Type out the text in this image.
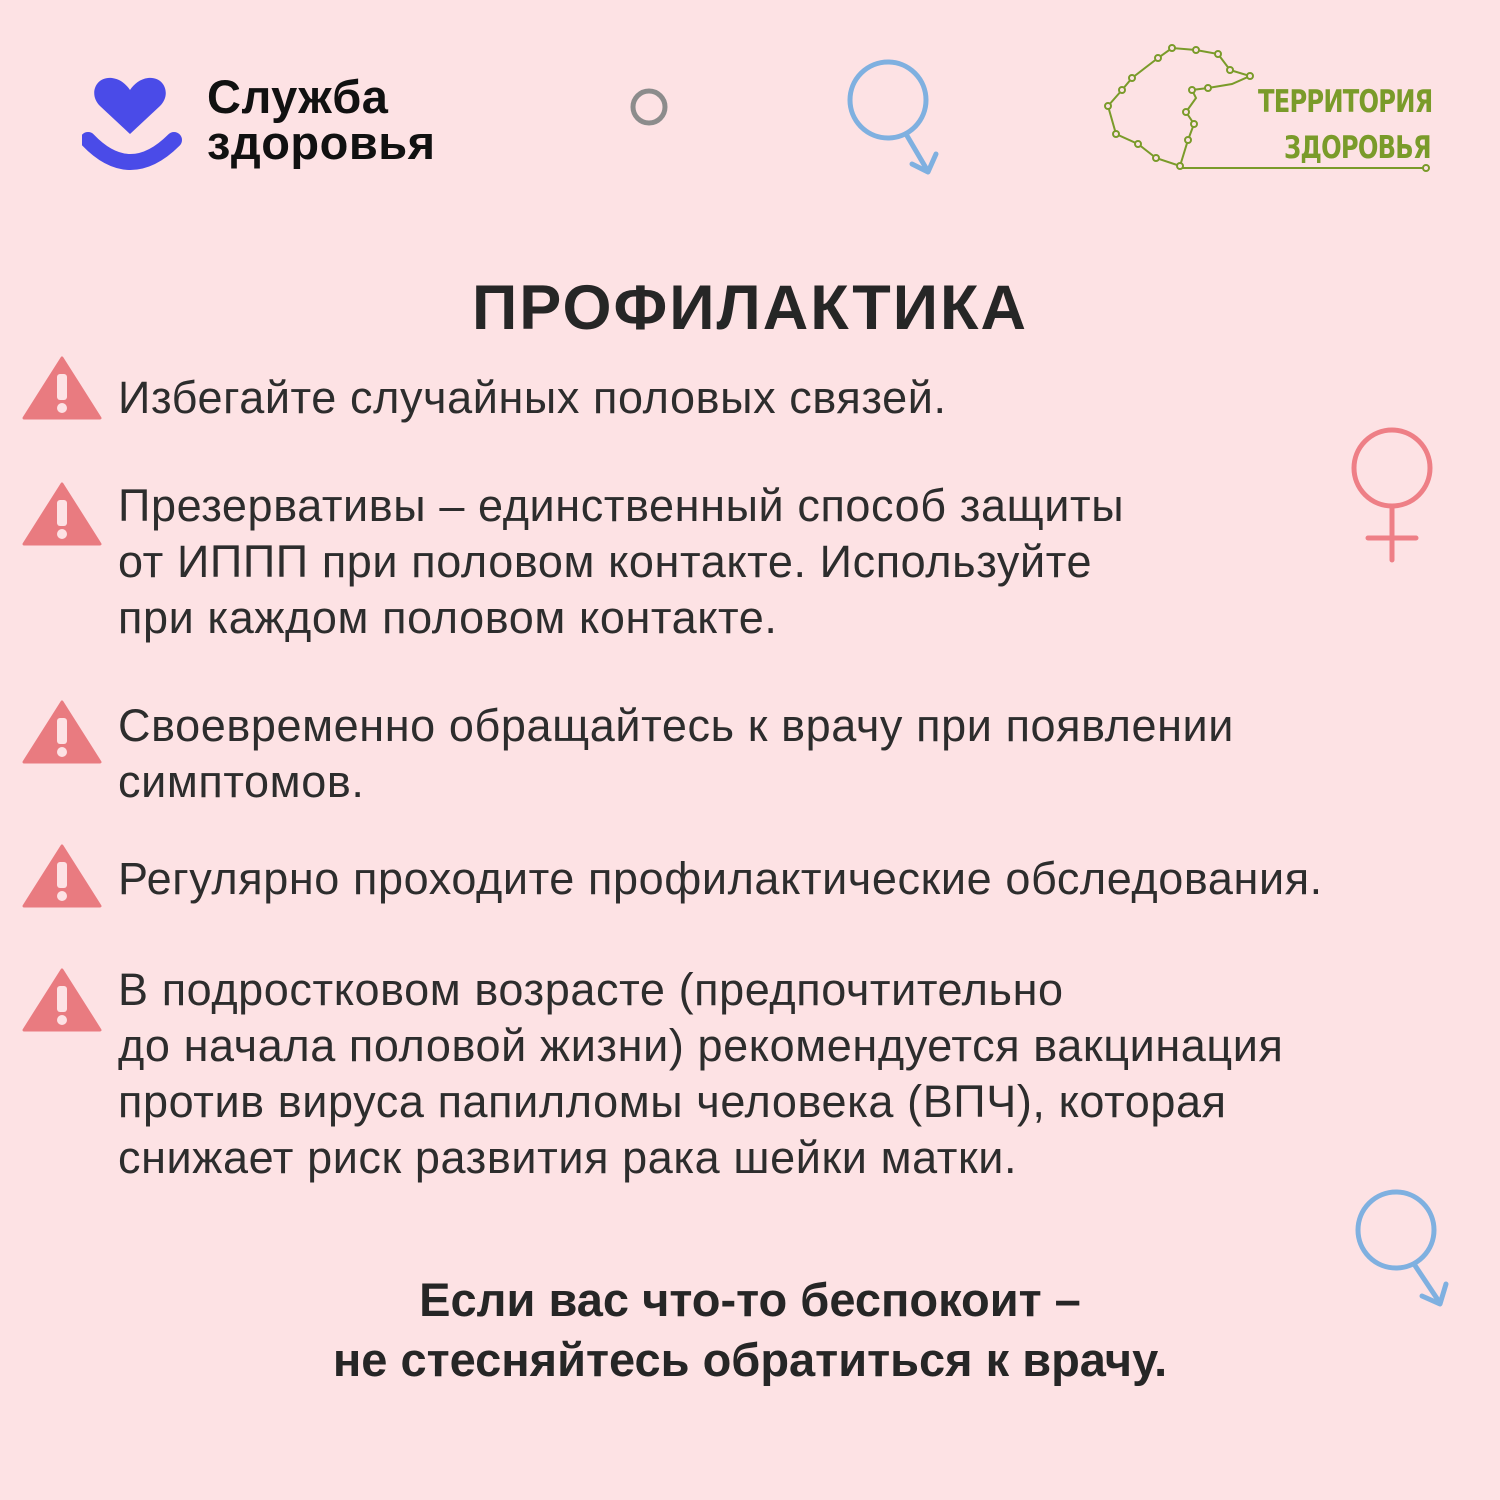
Служба
здоровья
ТЕРРИТОРИЯ
ЗДОРОВЬЯ
ПРОФИЛАКТИКА
Избегайте случайных половых связей.
Презервативы – единственный способ защиты
от ИППП при половом контакте. Используйте
при каждом половом контакте.
Своевременно обращайтесь к врачу при появлении
симптомов.
Регулярно проходите профилактические обследования.
В подростковом возрасте (предпочтительно
до начала половой жизни) рекомендуется вакцинация
против вируса папилломы человека (ВПЧ), которая
снижает риск развития рака шейки матки.
Если вас что-то беспокоит –
не стесняйтесь обратиться к врачу.
